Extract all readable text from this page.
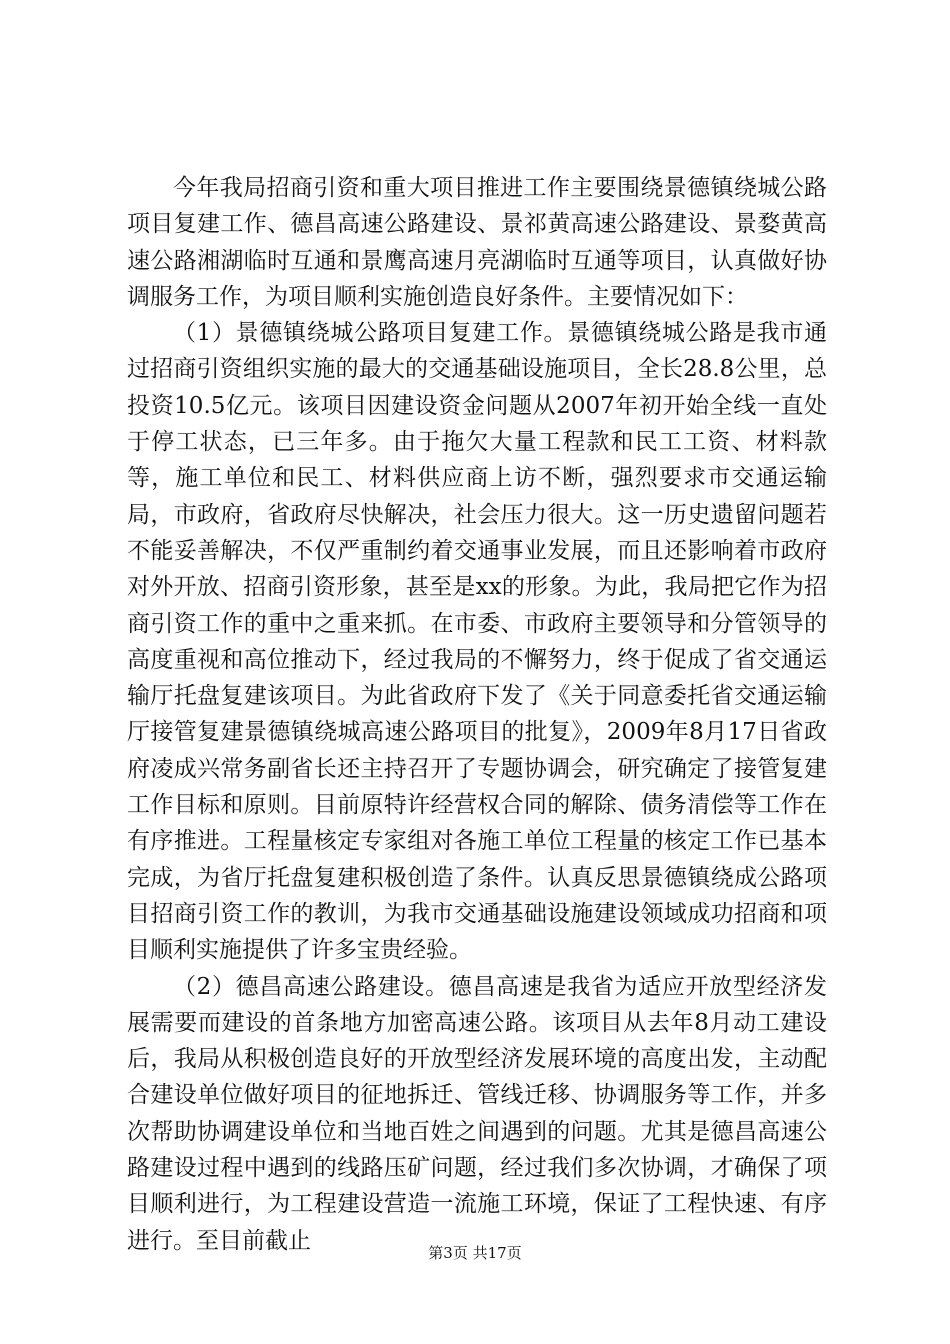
今年我局招商引资和重大项目推进工作主要围绕景德镇绕城公路项目复建工作、德昌高速公路建设、景祁黄高速公路建设、景婺黄高速公路湘湖临时互通和景鹰高速月亮湖临时互通等项目，认真做好协调服务工作，为项目顺利实施创造良好条件。主要情况如下：

（1）景德镇绕城公路项目复建工作。景德镇绕城公路是我市通过招商引资组织实施的最大的交通基础设施项目，全长28.8公里，总投资10.5亿元。该项目因建设资金问题从2007年初开始全线一直处于停工状态，已三年多。由于拖欠大量工程款和民工工资、材料款等，施工单位和民工、材料供应商上访不断，强烈要求市交通运输局，市政府，省政府尽快解决，社会压力很大。这一历史遗留问题若不能妥善解决，不仅严重制约着交通事业发展，而且还影响着市政府对外开放、招商引资形象，甚至是xx的形象。为此，我局把它作为招商引资工作的重中之重来抓。在市委、市政府主要领导和分管领导的高度重视和高位推动下，经过我局的不懈努力，终于促成了省交通运输厅托盘复建该项目。为此省政府下发了《关于同意委托省交通运输厅接管复建景德镇绕城高速公路项目的批复》，2009年8月17日省政府凌成兴常务副省长还主持召开了专题协调会，研究确定了接管复建工作目标和原则。目前原特许经营权合同的解除、债务清偿等工作在有序推进。工程量核定专家组对各施工单位工程量的核定工作已基本完成，为省厅托盘复建积极创造了条件。认真反思景德镇绕成公路项目招商引资工作的教训，为我市交通基础设施建设领域成功招商和项目顺利实施提供了许多宝贵经验。

（2）德昌高速公路建设。德昌高速是我省为适应开放型经济发展需要而建设的首条地方加密高速公路。该项目从去年8月动工建设后，我局从积极创造良好的开放型经济发展环境的高度出发，主动配合建设单位做好项目的征地拆迁、管线迁移、协调服务等工作，并多次帮助协调建设单位和当地百姓之间遇到的问题。尤其是德昌高速公路建设过程中遇到的线路压矿问题，经过我们多次协调，才确保了项目顺利进行，为工程建设营造一流施工环境，保证了工程快速、有序进行。至目前截止	第3页 共17页
